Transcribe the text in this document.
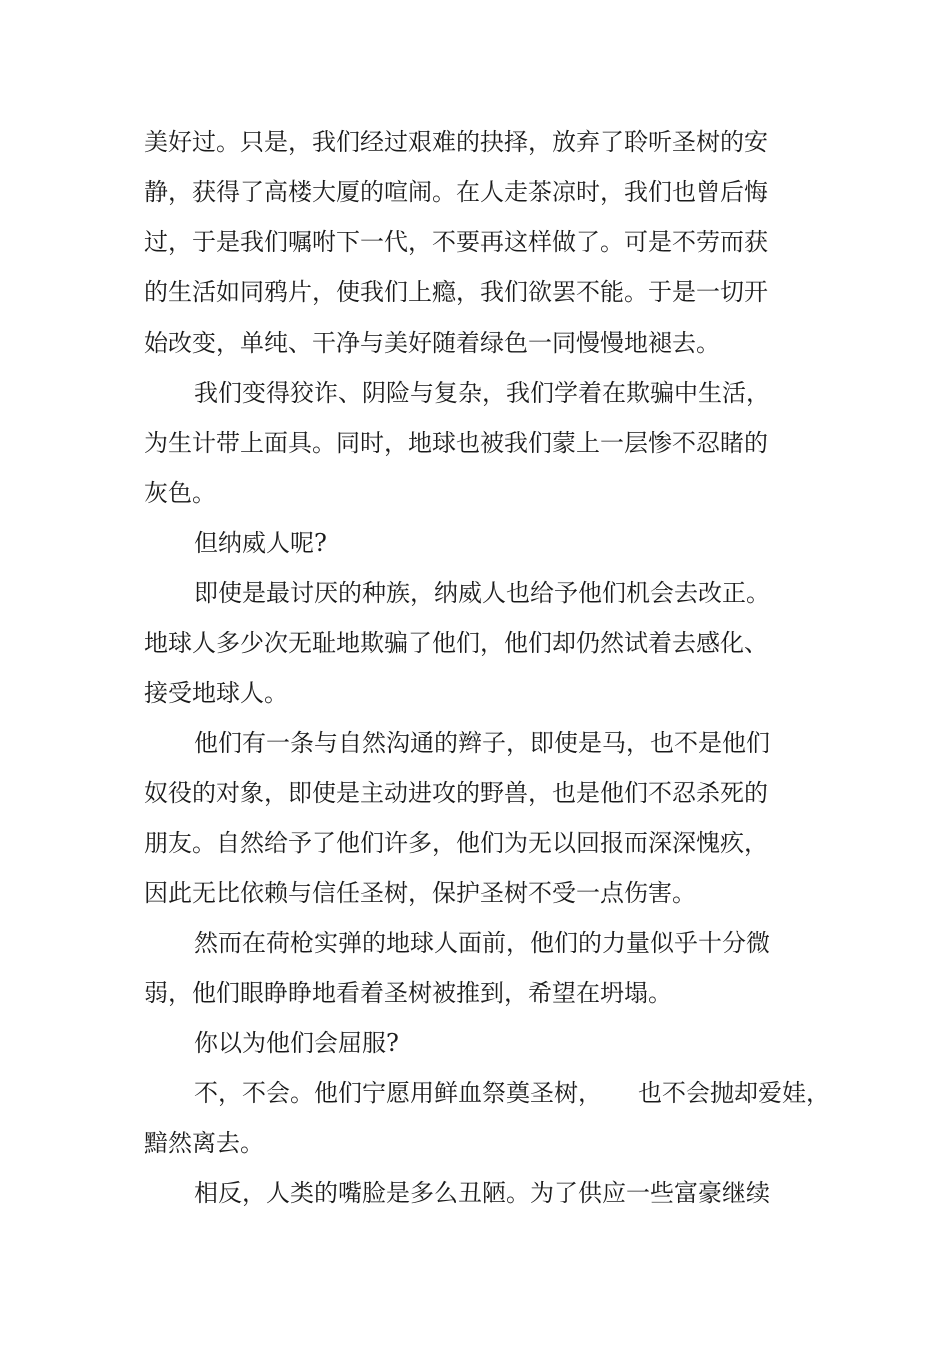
美好过。只是，我们经过艰难的抉择，放弃了聆听圣树的安
静，获得了高楼大厦的喧闹。在人走茶凉时，我们也曾后悔
过，于是我们嘱咐下一代，不要再这样做了。可是不劳而获
的生活如同鸦片，使我们上瘾，我们欲罢不能。于是一切开
始改变，单纯、干净与美好随着绿色一同慢慢地褪去。
我们变得狡诈、阴险与复杂，我们学着在欺骗中生活，
为生计带上面具。同时，地球也被我们蒙上一层惨不忍睹的
灰色。
但纳威人呢?
即使是最讨厌的种族，纳威人也给予他们机会去改正。
地球人多少次无耻地欺骗了他们，他们却仍然试着去感化、
接受地球人。
他们有一条与自然沟通的辫子，即使是马，也不是他们
奴役的对象，即使是主动进攻的野兽，也是他们不忍杀死的
朋友。自然给予了他们许多，他们为无以回报而深深愧疚，
因此无比依赖与信任圣树，保护圣树不受一点伤害。
然而在荷枪实弹的地球人面前，他们的力量似乎十分微
弱，他们眼睁睁地看着圣树被推到，希望在坍塌。
你以为他们会屈服?
不，不会。他们宁愿用鲜血祭奠圣树，　　也不会抛却爱娃，
黯然离去。
相反，人类的嘴脸是多么丑陋。为了供应一些富豪继续
